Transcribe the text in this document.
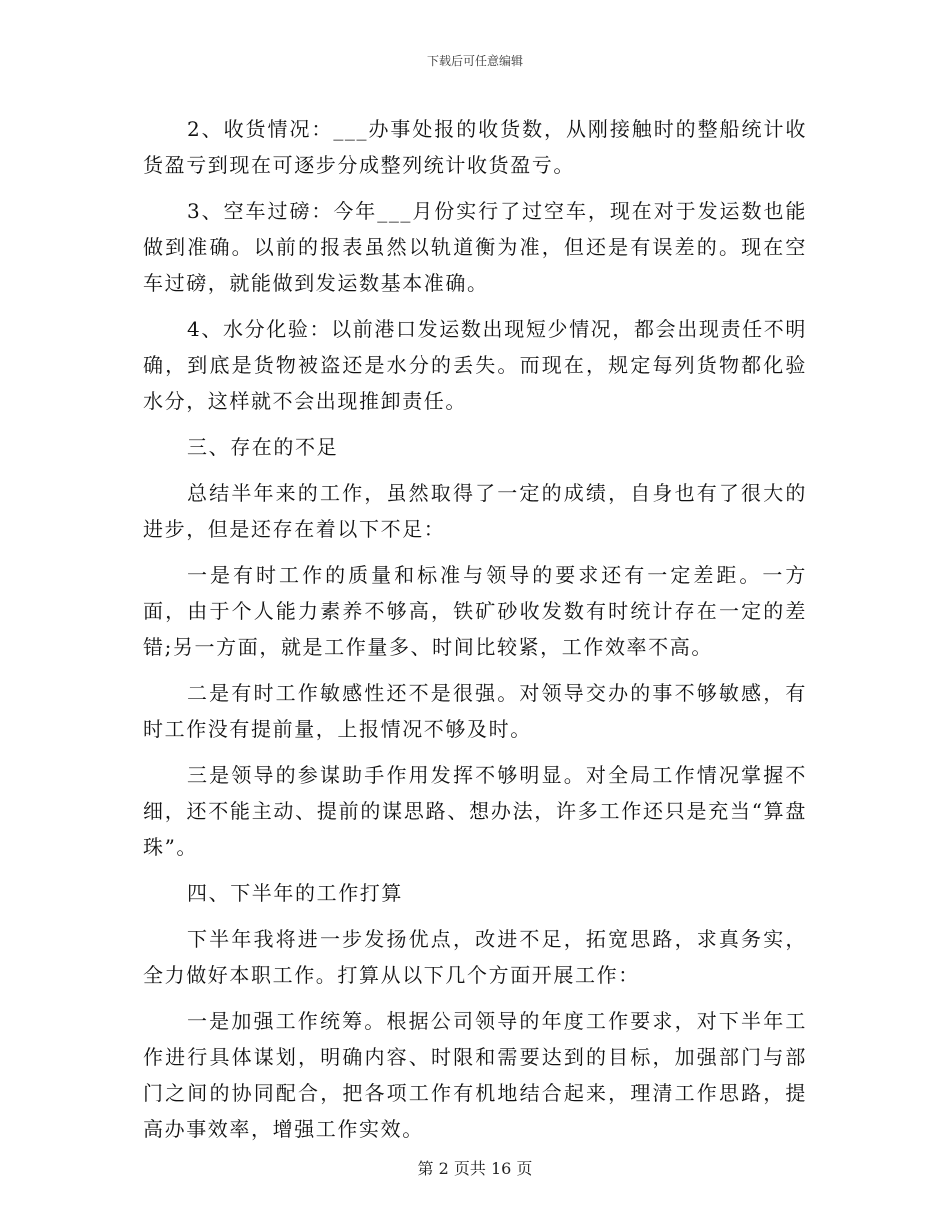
下载后可任意编辑

2、收货情况：___办事处报的收货数，从刚接触时的整船统计收货盈亏到现在可逐步分成整列统计收货盈亏。

3、空车过磅：今年___月份实行了过空车，现在对于发运数也能做到准确。以前的报表虽然以轨道衡为准，但还是有误差的。现在空车过磅，就能做到发运数基本准确。

4、水分化验：以前港口发运数出现短少情况，都会出现责任不明确，到底是货物被盗还是水分的丢失。而现在，规定每列货物都化验水分，这样就不会出现推卸责任。

三、存在的不足

总结半年来的工作，虽然取得了一定的成绩，自身也有了很大的进步，但是还存在着以下不足：

一是有时工作的质量和标准与领导的要求还有一定差距。一方面，由于个人能力素养不够高，铁矿砂收发数有时统计存在一定的差错;另一方面，就是工作量多、时间比较紧，工作效率不高。

二是有时工作敏感性还不是很强。对领导交办的事不够敏感，有时工作没有提前量，上报情况不够及时。

三是领导的参谋助手作用发挥不够明显。对全局工作情况掌握不细，还不能主动、提前的谋思路、想办法，许多工作还只是充当“算盘珠”。

四、下半年的工作打算

下半年我将进一步发扬优点，改进不足，拓宽思路，求真务实，全力做好本职工作。打算从以下几个方面开展工作：

一是加强工作统筹。根据公司领导的年度工作要求，对下半年工作进行具体谋划，明确内容、时限和需要达到的目标，加强部门与部门之间的协同配合，把各项工作有机地结合起来，理清工作思路，提高办事效率，增强工作实效。

第 2 页共 16 页
